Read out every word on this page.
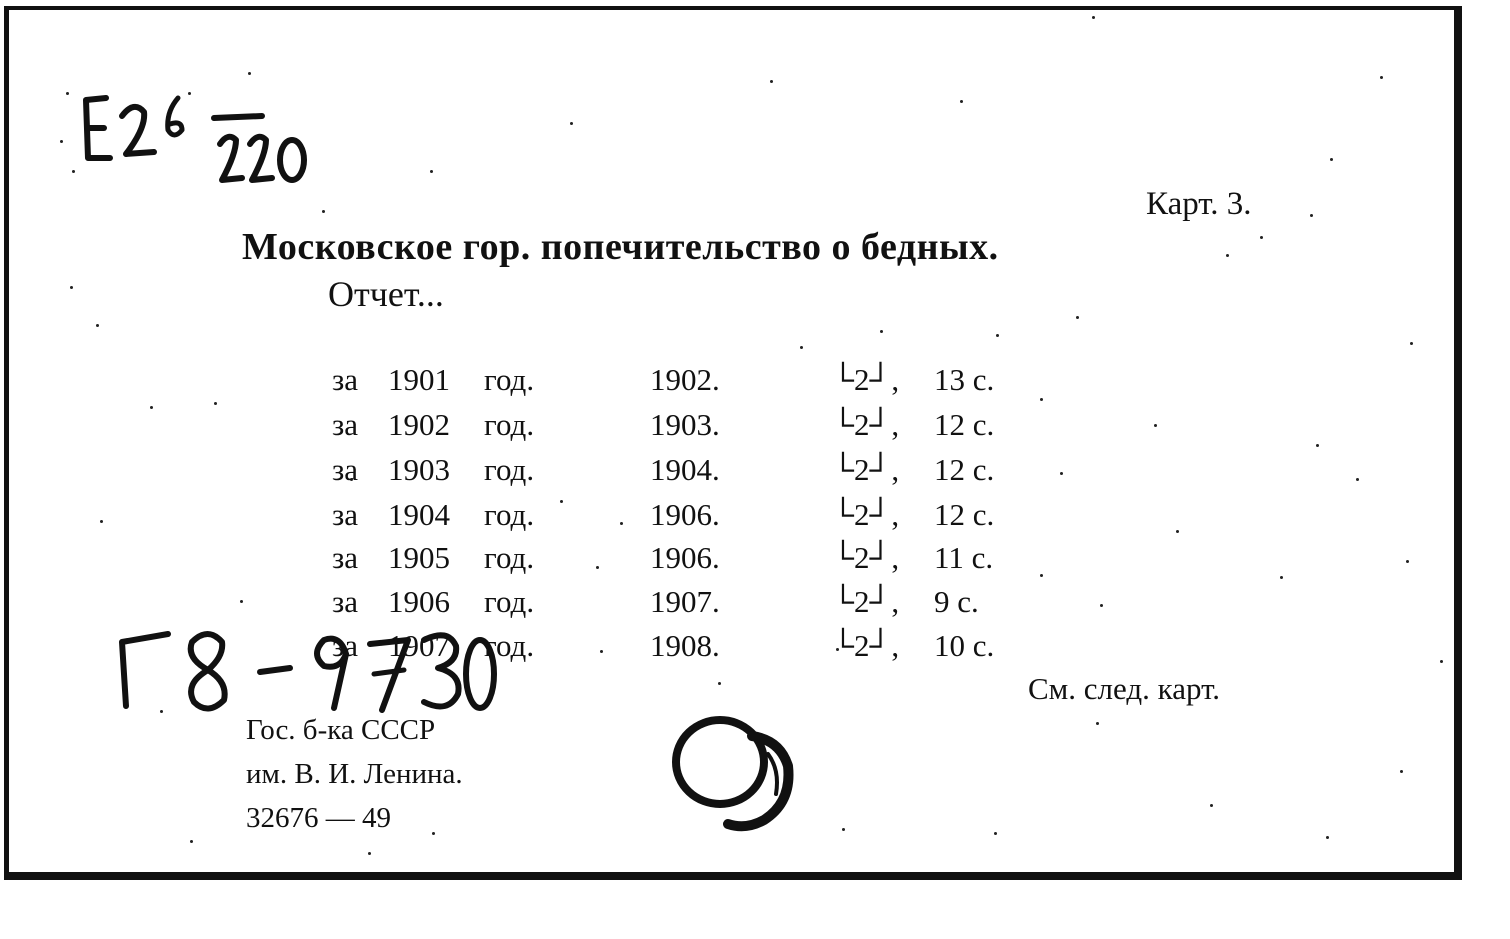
Карт. 3.
Московское гор. попечительство о бедных.
Отчет...
за 1901 год.	1902.	└2┘, 13 с.
за 1902 год.	1903.	└2┘, 12 с.
за 1903 год.	1904.	└2┘, 12 с.
за 1904 год.	1906.	└2┘, 12 с.
за 1905 год.	1906.	└2┘, 11 с.
за 1906 год.	1907.	└2┘, 9 с.
за 1907 год.	1908.	└2┘, 10 с.
См. след. карт.
Гос. б-ка СССР
им. В. И. Ленина.
32676 — 49
